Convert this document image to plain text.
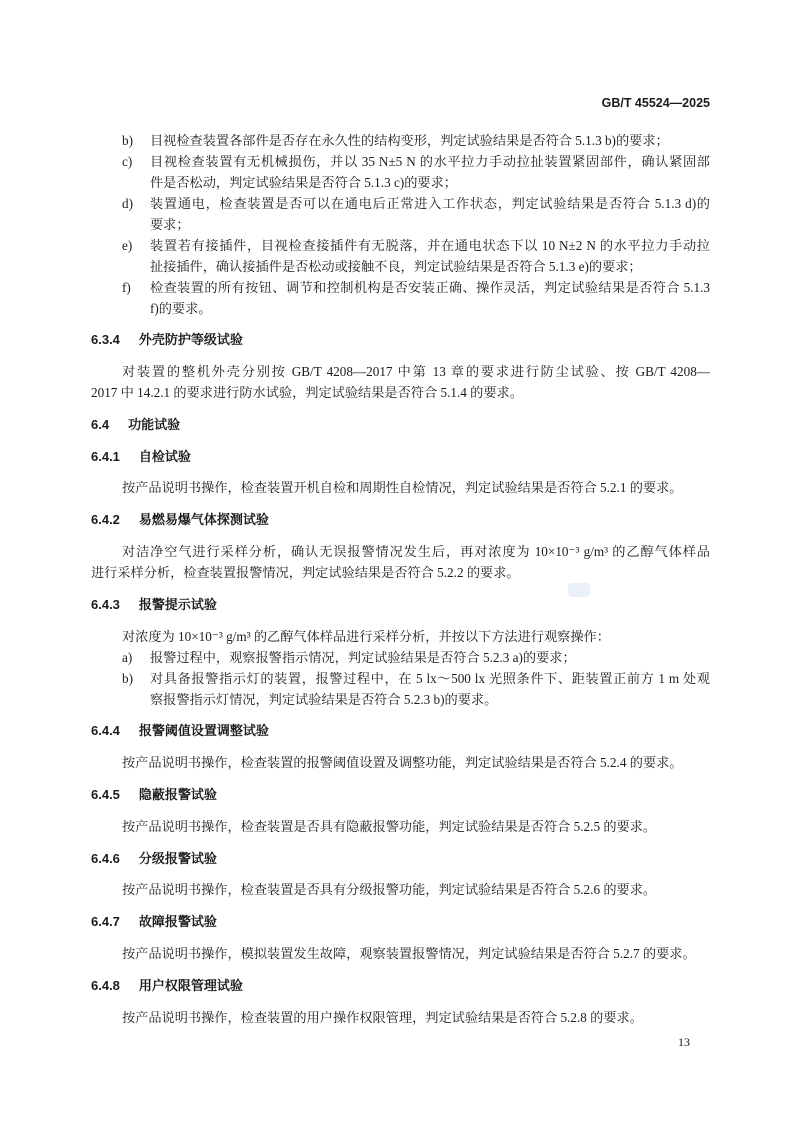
GB/T 45524—2025
b) 目视检查装置各部件是否存在永久性的结构变形，判定试验结果是否符合 5.1.3 b)的要求；
c) 目视检查装置有无机械损伤，并以 35 N±5 N 的水平拉力手动拉扯装置紧固部件，确认紧固部
件是否松动，判定试验结果是否符合 5.1.3 c)的要求；
d) 装置通电，检查装置是否可以在通电后正常进入工作状态，判定试验结果是否符合 5.1.3 d)的
要求；
e) 装置若有接插件，目视检查接插件有无脱落，并在通电状态下以 10 N±2 N 的水平拉力手动拉
扯接插件，确认接插件是否松动或接触不良，判定试验结果是否符合 5.1.3 e)的要求；
f) 检查装置的所有按钮、调节和控制机构是否安装正确、操作灵活，判定试验结果是否符合 5.1.3
f)的要求。
6.3.4 外壳防护等级试验
对装置的整机外壳分别按 GB/T 4208—2017 中第 13 章的要求进行防尘试验、按 GB/T 4208—
2017 中 14.2.1 的要求进行防水试验，判定试验结果是否符合 5.1.4 的要求。
6.4 功能试验
6.4.1 自检试验
按产品说明书操作，检查装置开机自检和周期性自检情况，判定试验结果是否符合 5.2.1 的要求。
6.4.2 易燃易爆气体探测试验
对洁净空气进行采样分析，确认无误报警情况发生后，再对浓度为 10×10⁻³ g/m³ 的乙醇气体样品
进行采样分析，检查装置报警情况，判定试验结果是否符合 5.2.2 的要求。
6.4.3 报警提示试验
对浓度为 10×10⁻³ g/m³ 的乙醇气体样品进行采样分析，并按以下方法进行观察操作：
a) 报警过程中，观察报警指示情况，判定试验结果是否符合 5.2.3 a)的要求；
b) 对具备报警指示灯的装置，报警过程中，在 5 lx～500 lx 光照条件下、距装置正前方 1 m 处观
察报警指示灯情况，判定试验结果是否符合 5.2.3 b)的要求。
6.4.4 报警阈值设置调整试验
按产品说明书操作，检查装置的报警阈值设置及调整功能，判定试验结果是否符合 5.2.4 的要求。
6.4.5 隐蔽报警试验
按产品说明书操作，检查装置是否具有隐蔽报警功能，判定试验结果是否符合 5.2.5 的要求。
6.4.6 分级报警试验
按产品说明书操作，检查装置是否具有分级报警功能，判定试验结果是否符合 5.2.6 的要求。
6.4.7 故障报警试验
按产品说明书操作，模拟装置发生故障，观察装置报警情况，判定试验结果是否符合 5.2.7 的要求。
6.4.8 用户权限管理试验
按产品说明书操作，检查装置的用户操作权限管理，判定试验结果是否符合 5.2.8 的要求。
13
